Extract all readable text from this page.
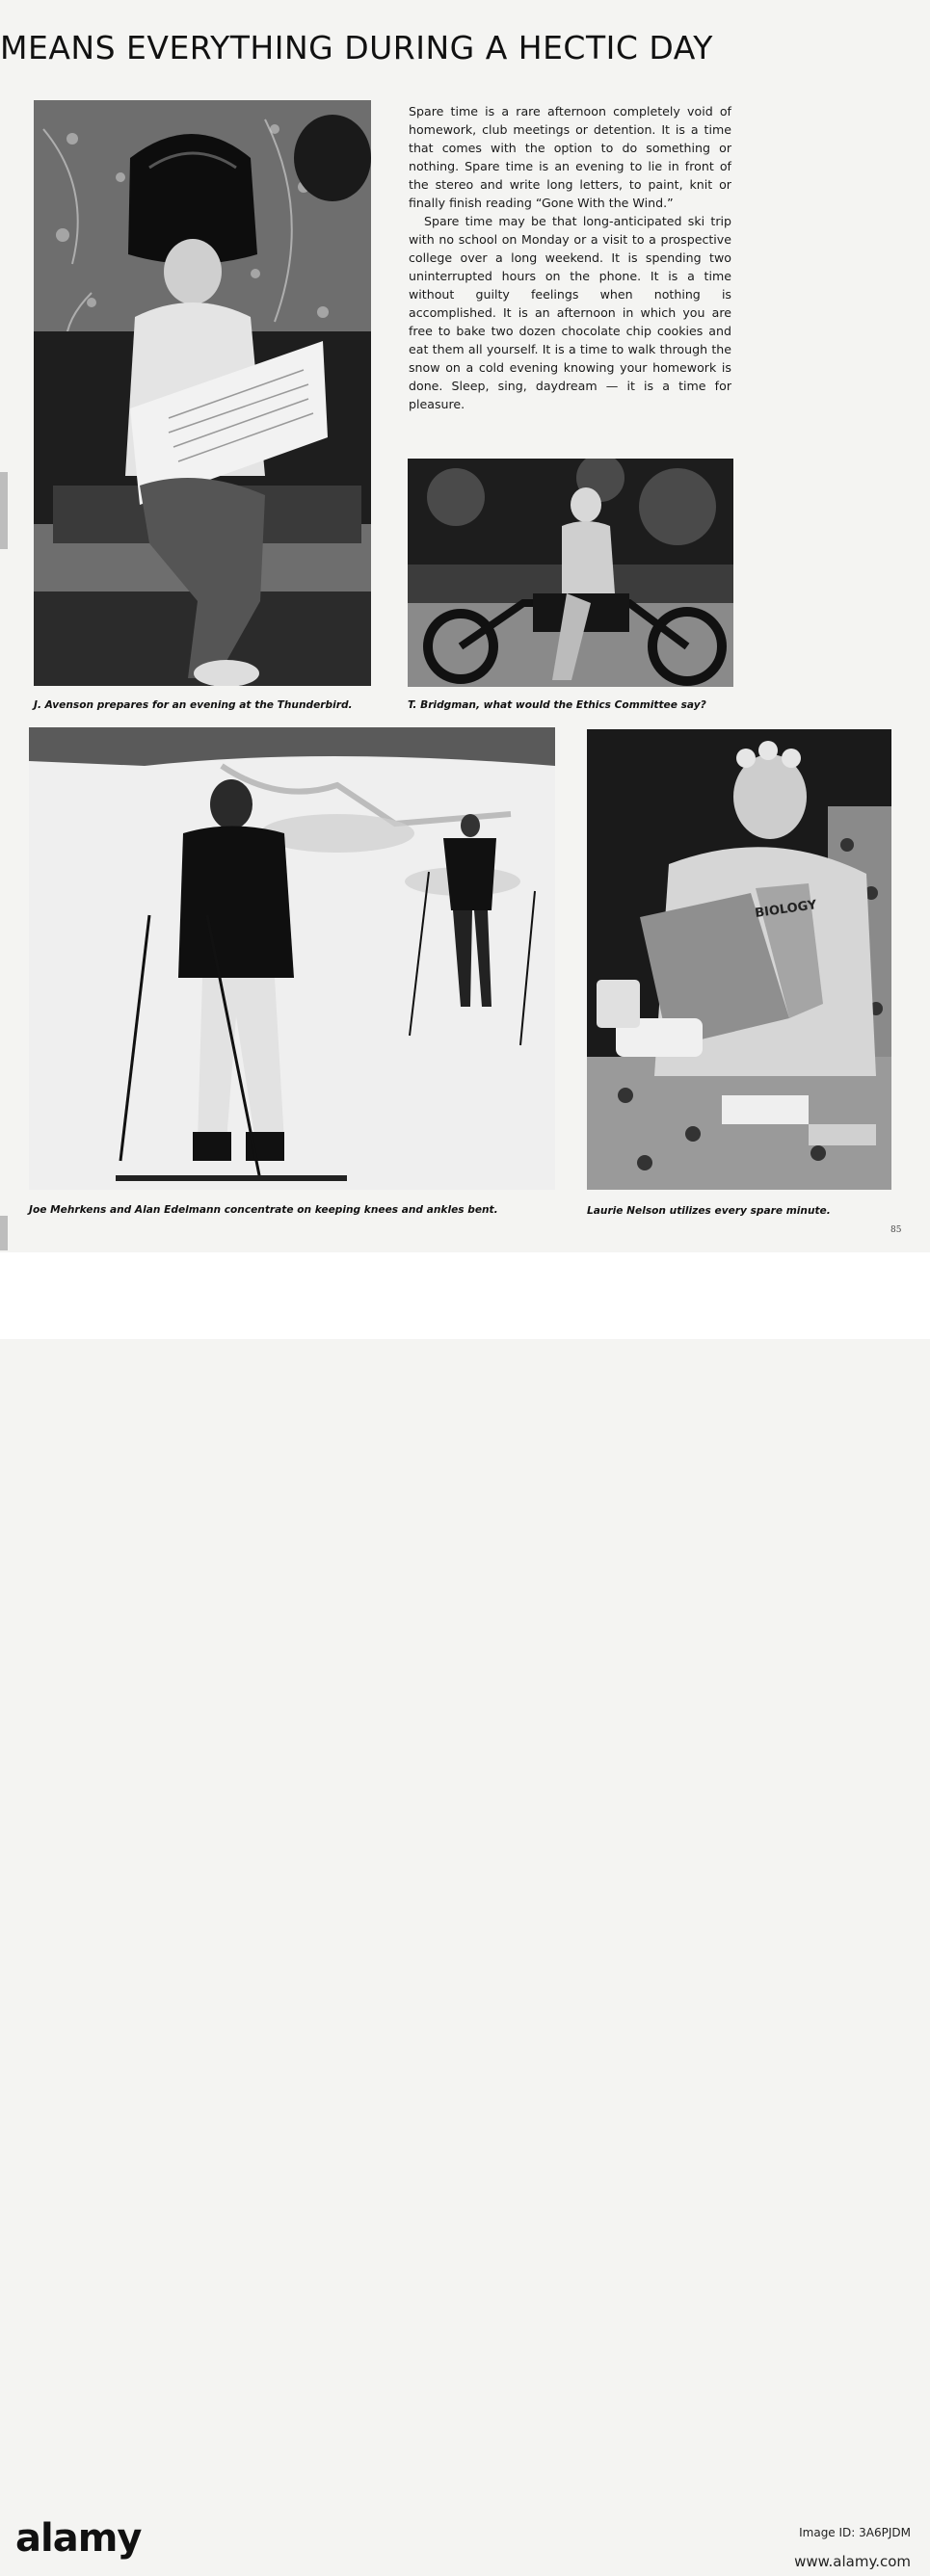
MEANS EVERYTHING DURING A HECTIC DAY

Spare time is a rare afternoon completely void of homework, club meetings or detention. It is a time that comes with the option to do something or nothing. Spare time is an evening to lie in front of the stereo and write long letters, to paint, knit or finally finish reading “Gone With the Wind.”

Spare time may be that long-anticipated ski trip with no school on Monday or a visit to a prospective college over a long weekend. It is spending two uninterrupted hours on the phone. It is a time without guilty feelings when nothing is accomplished. It is an afternoon in which you are free to bake two dozen chocolate chip cookies and eat them all yourself. It is a time to walk through the snow on a cold evening knowing your homework is done. Sleep, sing, daydream — it is a time for pleasure.

J. Avenson prepares for an evening at the Thunderbird.	T. Bridgman, what would the Ethics Committee say?

BIOLOGY

Joe Mehrkens and Alan Edelmann concentrate on keeping knees and ankles bent.	Laurie Nelson utilizes every spare minute.

85
alamy	Image ID: 3A6PJDM
www.alamy.com
